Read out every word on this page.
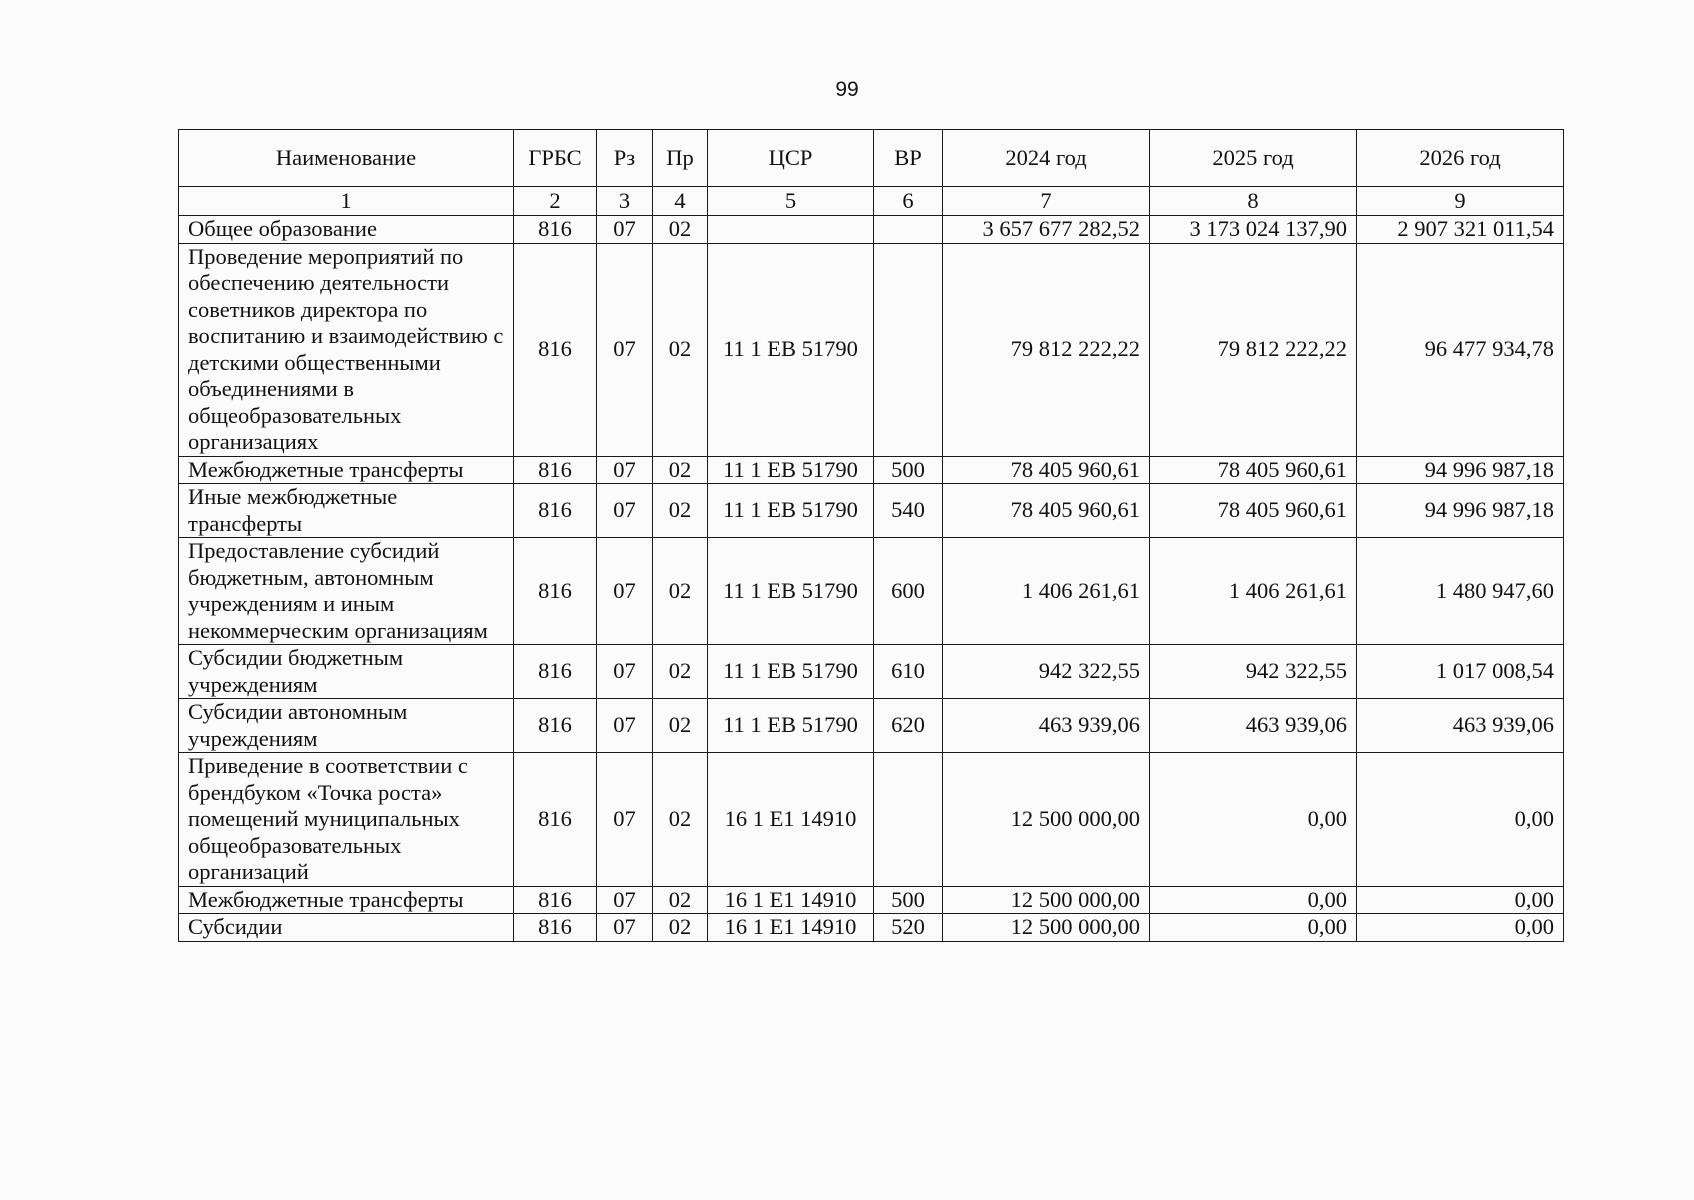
99
Наименование	ГРБС	Рз	Пр	ЦСР	ВР	2024 год	2025 год	2026 год
1	2	3	4	5	6	7	8	9
Общее образование	816	07	02			3 657 677 282,52	3 173 024 137,90	2 907 321 011,54
Проведение мероприятий по обеспечению деятельности советников директора по воспитанию и взаимодействию с детскими общественными объединениями в общеобразовательных организациях	816	07	02	11 1 ЕВ 51790		79 812 222,22	79 812 222,22	96 477 934,78
Межбюджетные трансферты	816	07	02	11 1 ЕВ 51790	500	78 405 960,61	78 405 960,61	94 996 987,18
Иные межбюджетные трансферты	816	07	02	11 1 ЕВ 51790	540	78 405 960,61	78 405 960,61	94 996 987,18
Предоставление субсидий бюджетным, автономным учреждениям и иным некоммерческим организациям	816	07	02	11 1 ЕВ 51790	600	1 406 261,61	1 406 261,61	1 480 947,60
Субсидии бюджетным учреждениям	816	07	02	11 1 ЕВ 51790	610	942 322,55	942 322,55	1 017 008,54
Субсидии автономным учреждениям	816	07	02	11 1 ЕВ 51790	620	463 939,06	463 939,06	463 939,06
Приведение в соответствии с брендбуком «Точка роста» помещений муниципальных общеобразовательных организаций	816	07	02	16 1 Е1 14910		12 500 000,00	0,00	0,00
Межбюджетные трансферты	816	07	02	16 1 Е1 14910	500	12 500 000,00	0,00	0,00
Субсидии	816	07	02	16 1 Е1 14910	520	12 500 000,00	0,00	0,00
